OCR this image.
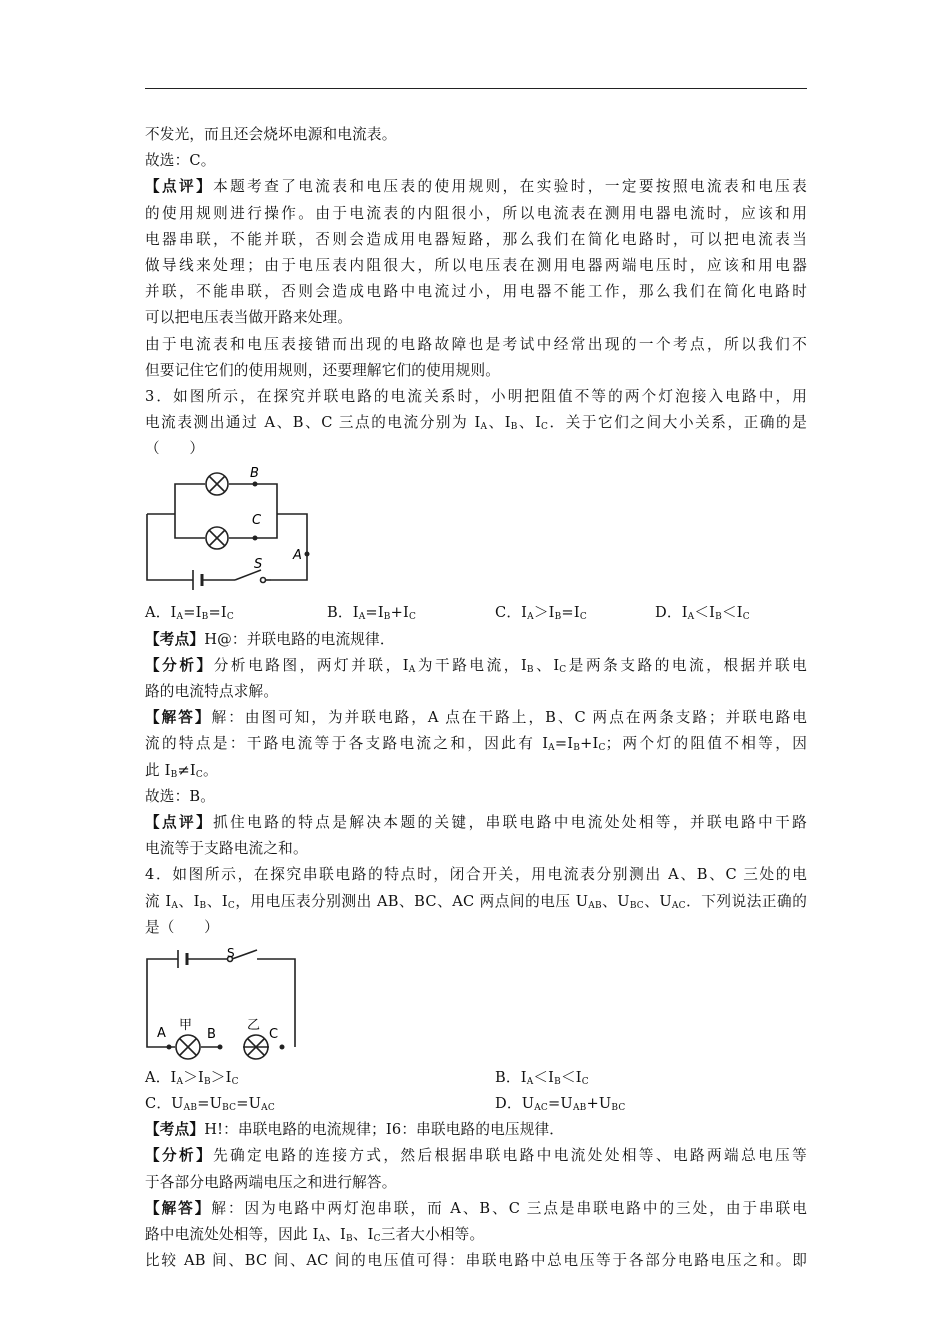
不发光，而且还会烧坏电源和电流表。
故选：C。
【点评】本题考查了电流表和电压表的使用规则，在实验时，一定要按照电流表和电压表
的使用规则进行操作。由于电流表的内阻很小，所以电流表在测用电器电流时，应该和用
电器串联，不能并联，否则会造成用电器短路，那么我们在简化电路时，可以把电流表当
做导线来处理；由于电压表内阻很大，所以电压表在测用电器两端电压时，应该和用电器
并联，不能串联，否则会造成电路中电流过小，用电器不能工作，那么我们在简化电路时
可以把电压表当做开路来处理。
由于电流表和电压表接错而出现的电路故障也是考试中经常出现的一个考点，所以我们不
但要记住它们的使用规则，还要理解它们的使用规则。
3．如图所示，在探究并联电路的电流关系时，小明把阻值不等的两个灯泡接入电路中，用
电流表测出通过 A、B、C 三点的电流分别为 $I_A$、$I_B$、$I_C$．关于它们之间大小关系，正确的是
（　　）
B
C
A
S
A．$I_A=I_B=I_C$	B．$I_A=I_B+I_C$	C．$I_A>I_B=I_C$	D．$I_A<I_B<I_C$
【考点】H@：并联电路的电流规律．
【分析】分析电路图，两灯并联，$I_A$为干路电流，$I_B$、$I_C$是两条支路的电流，根据并联电
路的电流特点求解。
【解答】解：由图可知，为并联电路，A 点在干路上，B、C 两点在两条支路；并联电路电
流的特点是：干路电流等于各支路电流之和，因此有 $I_A=I_B+I_C$；两个灯的阻值不相等，因
此 $I_B\ne I_C$。
故选：B。
【点评】抓住电路的特点是解决本题的关键，串联电路中电流处处相等，并联电路中干路
电流等于支路电流之和。
4．如图所示，在探究串联电路的特点时，闭合开关，用电流表分别测出 A、B、C 三处的电
流 $I_A$、$I_B$、$I_C$，用电压表分别测出 AB、BC、AC 两点间的电压 $U_{AB}$、$U_{BC}$、$U_{AC}$．下列说法正确的
是（　　）
S
A
甲
B
乙
C
A．$I_A>I_B>I_C$	B．$I_A<I_B<I_C$
C．$U_{AB}=U_{BC}=U_{AC}$	D．$U_{AC}=U_{AB}+U_{BC}$
【考点】H!：串联电路的电流规律；I6：串联电路的电压规律．
【分析】先确定电路的连接方式，然后根据串联电路中电流处处相等、电路两端总电压等
于各部分电路两端电压之和进行解答。
【解答】解：因为电路中两灯泡串联，而 A、B、C 三点是串联电路中的三处，由于串联电
路中电流处处相等，因此 $I_A$、$I_B$、$I_C$三者大小相等。
比较 AB 间、BC 间、AC 间的电压值可得：串联电路中总电压等于各部分电路电压之和。即
